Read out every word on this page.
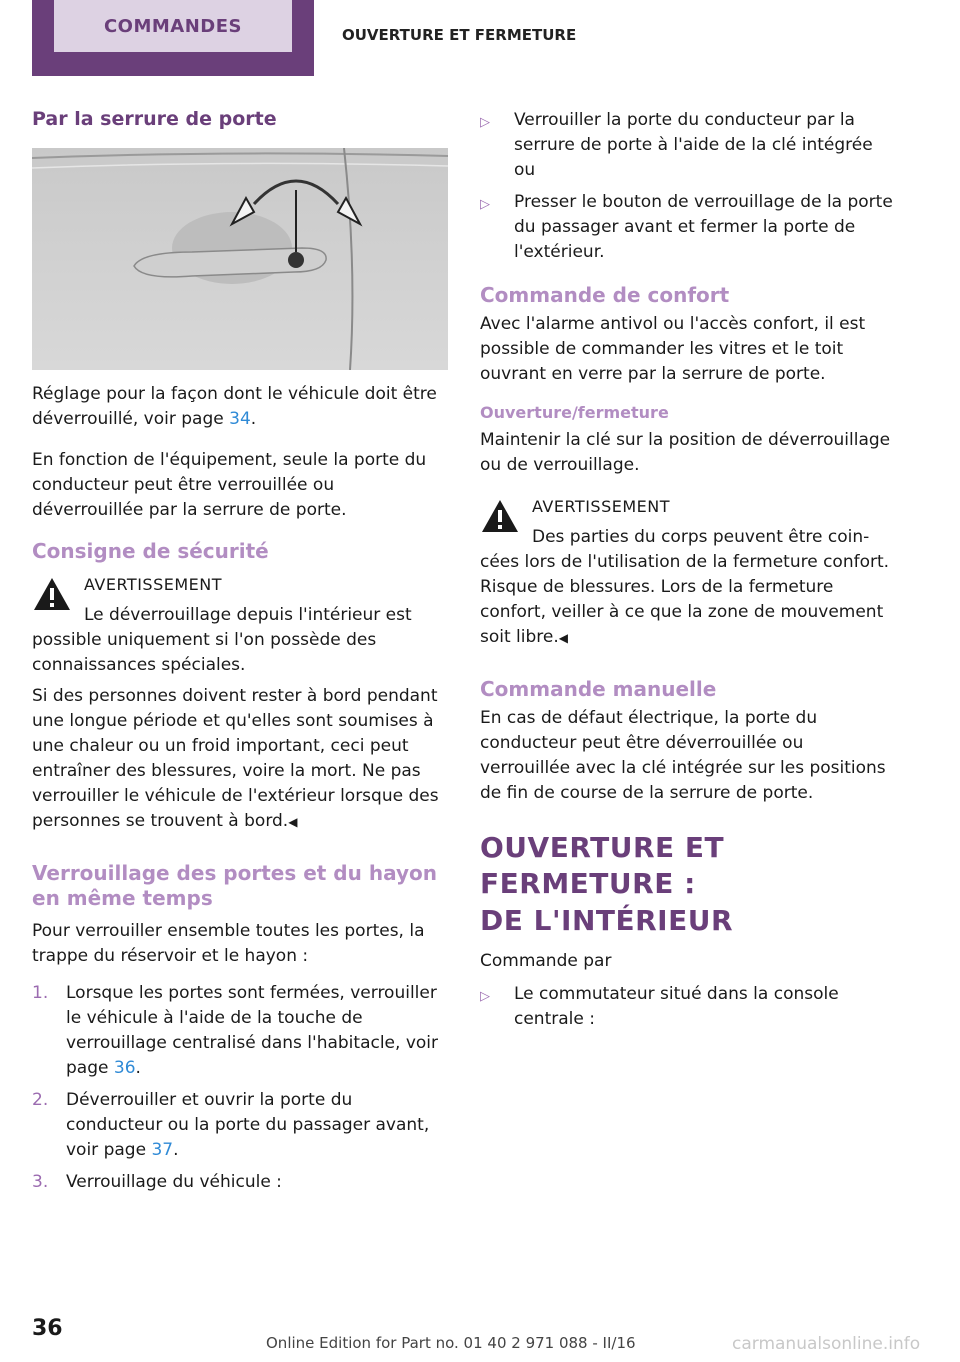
COMMANDES	OUVERTURE ET FERMETURE
Par la serrure de porte

Réglage pour la façon dont le véhicule doit être déverrouillé, voir page 34.

En fonction de l'équipement, seule la porte du conducteur peut être verrouillée ou déverrouillée par la serrure de porte.

Consigne de sécurité
AVERTISSEMENT
Le déverrouillage depuis l'intérieur est
possible uniquement si l'on possède des connaissances spéciales.

Si des personnes doivent rester à bord pendant une longue période et qu'elles sont soumises à une chaleur ou un froid important, ceci peut entraîner des blessures, voire la mort. Ne pas verrouiller le véhicule de l'extérieur lorsque des personnes se trouvent à bord.◀

Verrouillage des portes et du hayon en même temps

Pour verrouiller ensemble toutes les portes, la trappe du réservoir et le hayon :

1. Lorsque les portes sont fermées, verrouiller le véhicule à l'aide de la touche de verrouillage centralisé dans l'habitacle, voir page 36.
2. Déverrouiller et ouvrir la porte du conducteur ou la porte du passager avant, voir page 37.
3. Verrouillage du véhicule :
▷ Verrouiller la porte du conducteur par la serrure de porte à l'aide de la clé intégrée ou
▷ Presser le bouton de verrouillage de la porte du passager avant et fermer la porte de l'extérieur.
Commande de confort

Avec l'alarme antivol ou l'accès confort, il est possible de commander les vitres et le toit ouvrant en verre par la serrure de porte.

Ouverture/fermeture

Maintenir la clé sur la position de déverrouillage ou de verrouillage.

AVERTISSEMENT
Des parties du corps peuvent être coin-
cées lors de l'utilisation de la fermeture confort. Risque de blessures. Lors de la fermeture confort, veiller à ce que la zone de mouvement soit libre.◀
Commande manuelle

En cas de défaut électrique, la porte du conducteur peut être déverrouillée ou verrouillée avec la clé intégrée sur les positions de fin de course de la serrure de porte.

OUVERTURE ET FERMETURE :
DE L'INTÉRIEUR

Commande par

▷ Le commutateur situé dans la console centrale :
36
Online Edition for Part no. 01 40 2 971 088 - II/16	carmanualsonline.info
